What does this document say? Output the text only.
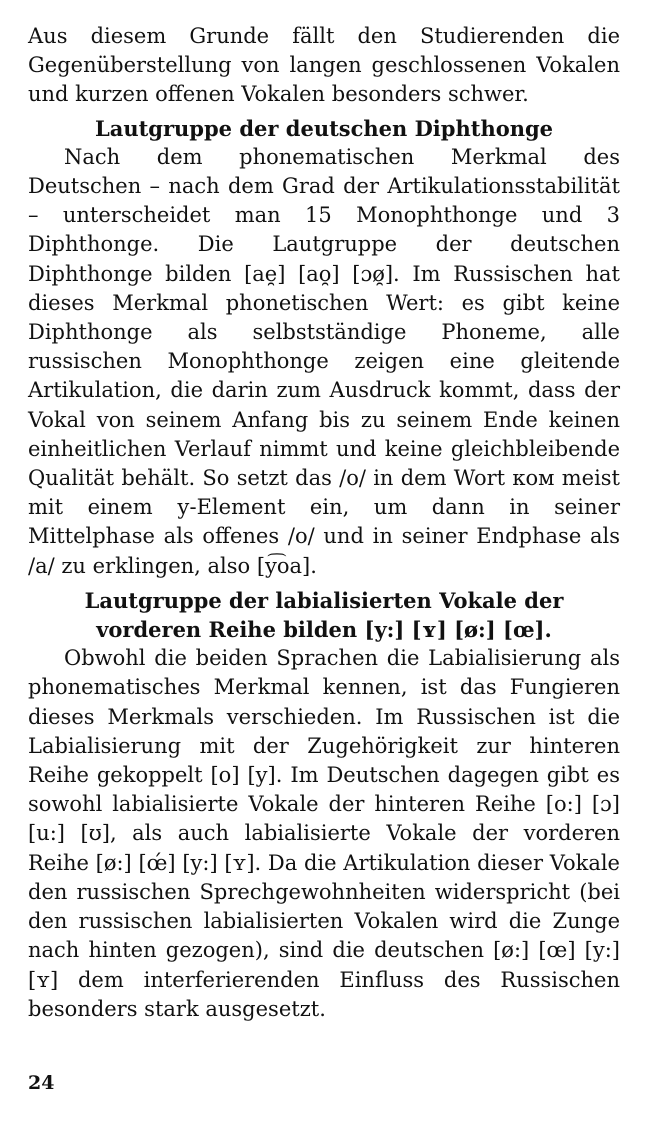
Aus diesem Grunde fällt den Studierenden die Gegenüberstellung von langen geschlossenen Vokalen und kurzen offenen Vokalen besonders schwer.

Lautgruppe der deutschen Diphthonge

Nach dem phonematischen Merkmal des Deutschen – nach dem Grad der Artikulationsstabilität – unterscheidet man 15 Monophthonge und 3 Diphthonge. Die Lautgruppe der deutschen Diphthonge bilden [ae̯] [ao̯] [ɔø̯]. Im Russischen hat dieses Merkmal phonetischen Wert: es gibt keine Diphthonge als selbstständige Phoneme, alle russischen Monophthonge zeigen eine gleitende Artikulation, die darin zum Ausdruck kommt, dass der Vokal von seinem Anfang bis zu seinem Ende keinen einheitlichen Verlauf nimmt und keine gleichbleibende Qualität behält. So setzt das /o/ in dem Wort ком meist mit einem у-Element ein, um dann in seiner Mittelphase als offenes /o/ und in seiner Endphase als /a/ zu erklingen, also [y͡oa].

Lautgruppe der labialisierten Vokale der vorderen Reihe bilden [y:] [ʏ] [ø:] [œ].

Obwohl die beiden Sprachen die Labialisierung als phonematisches Merkmal kennen, ist das Fungieren dieses Merkmals verschieden. Im Russischen ist die Labialisierung mit der Zugehörigkeit zur hinteren Reihe gekoppelt [o] [y]. Im Deutschen dagegen gibt es sowohl labialisierte Vokale der hinteren Reihe [o:] [ɔ] [u:] [ʊ], als auch labialisierte Vokale der vorderen Reihe [ø:] [œ́] [y:] [ʏ]. Da die Artikulation dieser Vokale den russischen Sprechgewohnheiten widerspricht (bei den russischen labialisierten Vokalen wird die Zunge nach hinten gezogen), sind die deutschen [ø:] [œ] [y:] [ʏ] dem interferierenden Einfluss des Russischen besonders stark ausgesetzt.

24
